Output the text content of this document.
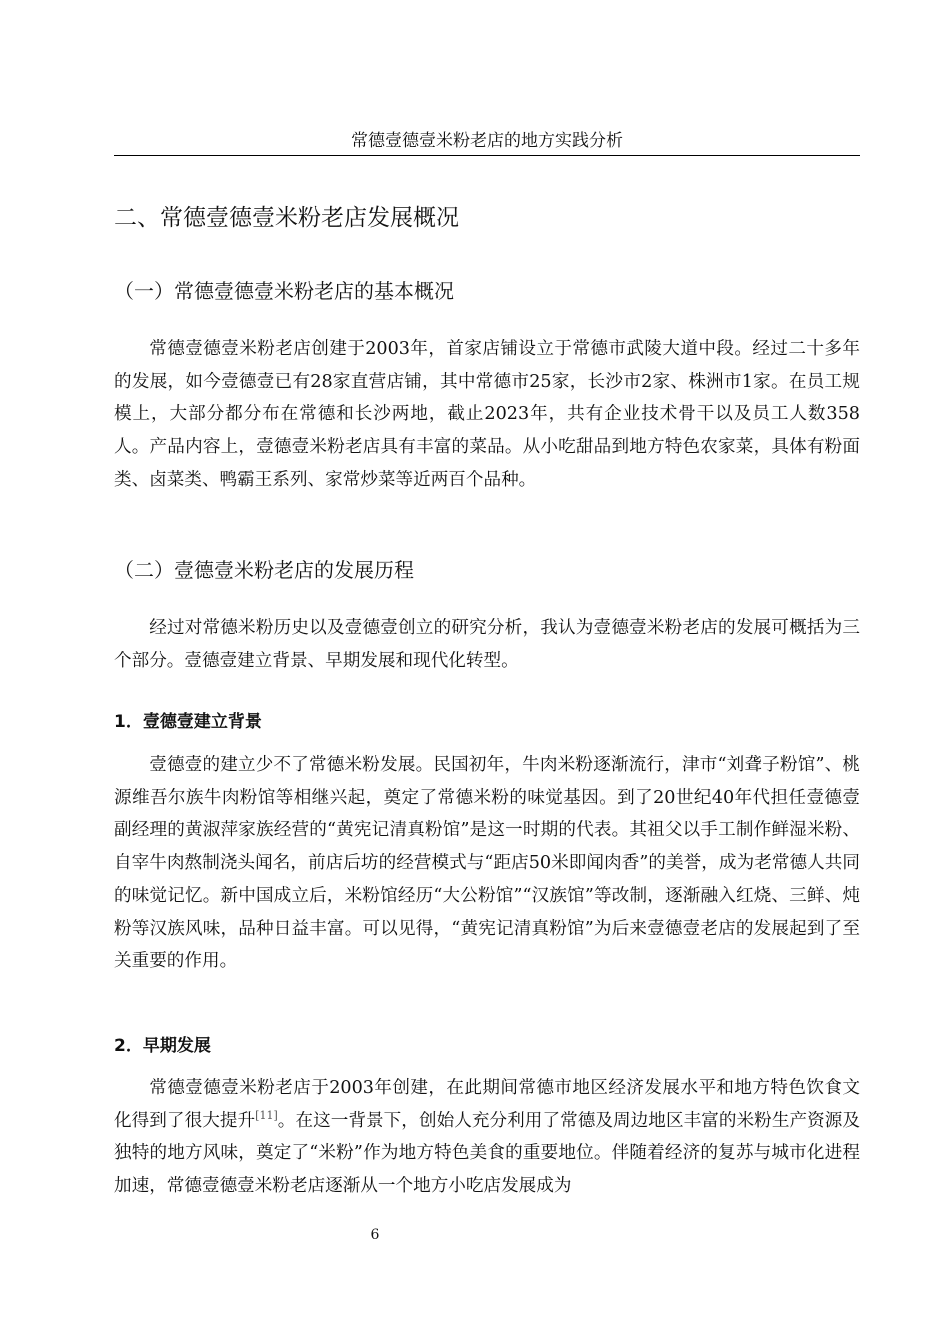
常德壹德壹米粉老店的地方实践分析
二、常德壹德壹米粉老店发展概况
（一）常德壹德壹米粉老店的基本概况

常德壹德壹米粉老店创建于2003年，首家店铺设立于常德市武陵大道中段。经过二十多年的发展，如今壹德壹已有28家直营店铺，其中常德市25家，长沙市2家、株洲市1家。在员工规模上，大部分都分布在常德和长沙两地，截止2023年，共有企业技术骨干以及员工人数358人。产品内容上，壹德壹米粉老店具有丰富的菜品。从小吃甜品到地方特色农家菜，具体有粉面类、卤菜类、鸭霸王系列、家常炒菜等近两百个品种。

（二）壹德壹米粉老店的发展历程

经过对常德米粉历史以及壹德壹创立的研究分析，我认为壹德壹米粉老店的发展可概括为三个部分。壹德壹建立背景、早期发展和现代化转型。

1．壹德壹建立背景

壹德壹的建立少不了常德米粉发展。民国初年，牛肉米粉逐渐流行，津市“刘聋子粉馆”、桃源维吾尔族牛肉粉馆等相继兴起，奠定了常德米粉的味觉基因。到了20世纪40年代担任壹德壹副经理的黄淑萍家族经营的“黄宪记清真粉馆”是这一时期的代表。其祖父以手工制作鲜湿米粉、自宰牛肉熬制浇头闻名，前店后坊的经营模式与“距店50米即闻肉香”的美誉，成为老常德人共同的味觉记忆。新中国成立后，米粉馆经历“大公粉馆”“汉族馆”等改制，逐渐融入红烧、三鲜、炖粉等汉族风味，品种日益丰富。可以见得，“黄宪记清真粉馆”为后来壹德壹老店的发展起到了至关重要的作用。

2．早期发展

常德壹德壹米粉老店于2003年创建，在此期间常德市地区经济发展水平和地方特色饮食文化得到了很大提升[11]。在这一背景下，创始人充分利用了常德及周边地区丰富的米粉生产资源及独特的地方风味，奠定了“米粉”作为地方特色美食的重要地位。伴随着经济的复苏与城市化进程加速，常德壹德壹米粉老店逐渐从一个地方小吃店发展成为

6
